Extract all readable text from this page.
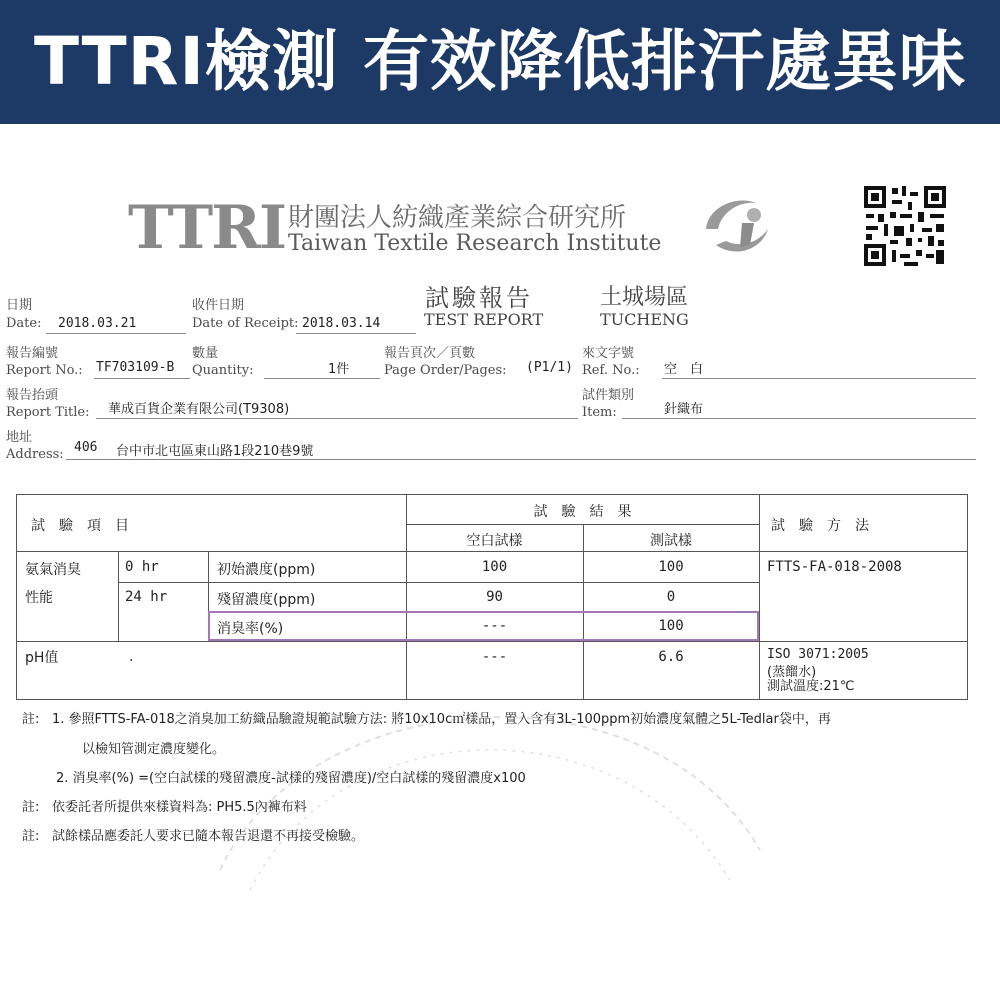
TTRI檢測 有效降低排汗處異味
TTRI 財團法人紡織產業綜合研究所
Taiwan Textile Research Institute
試驗報告
TEST REPORT
土城場區
TUCHENG
日期
Date: 2018.03.21
收件日期
Date of Receipt: 2018.03.14
報告編號
Report No.: TF703109-B
數量
Quantity:	1件
報告頁次／頁數
Page Order/Pages: (P1/1)
來文字號
Ref. No.: 空　白
報告抬頭
Report Title: 華成百貨企業有限公司(T9308)
試件類別
Item:	針織布
地址
Address: 406 台中市北屯區東山路1段210巷9號
試　驗　項　目
試　驗　結　果
空白試樣	測試樣
試　驗　方　法
氨氣消臭
性能
0 hr	初始濃度(ppm)	100	100	FTTS-FA-018-2008
24 hr	殘留濃度(ppm)	90	0
消臭率(%)	---	100
pH值	.	---	6.6	ISO 3071:2005
(蒸餾水)
測試溫度:21℃
註: 1. 參照FTTS-FA-018之消臭加工紡織品驗證規範試驗方法: 將10x10c㎡樣品，置入含有3L-100ppm初始濃度氣體之5L-Tedlar袋中，再
以檢知管測定濃度變化。
2. 消臭率(%) =(空白試樣的殘留濃度-試樣的殘留濃度)/空白試樣的殘留濃度x100
註: 依委託者所提供來樣資料為: PH5.5內褲布料
註: 試餘樣品應委託人要求已隨本報告退還不再接受檢驗。
